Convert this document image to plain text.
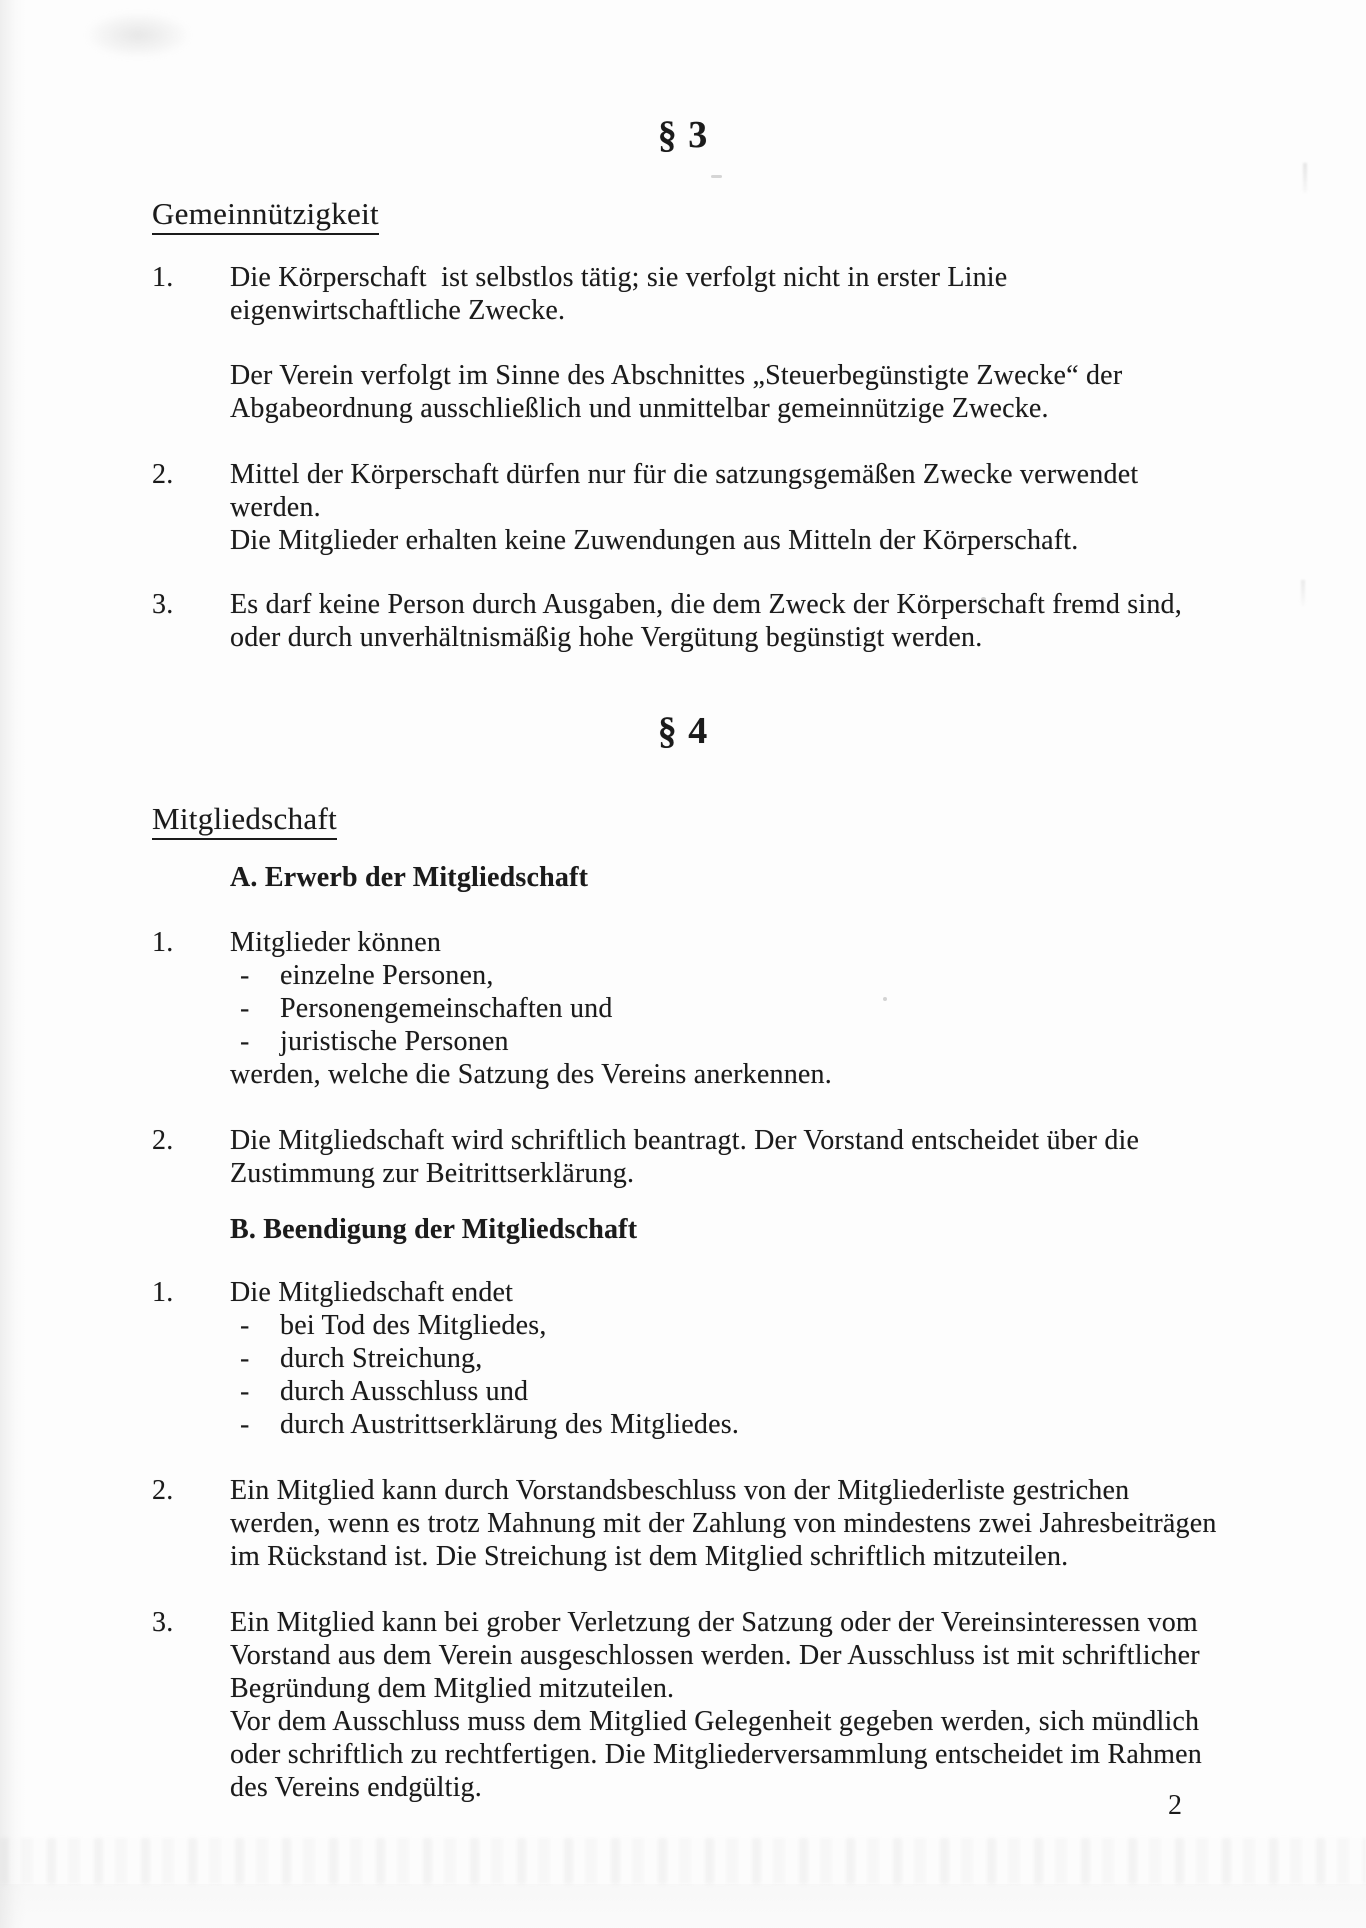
§ 3
Gemeinnützigkeit
1.	Die Körperschaft  ist selbstlos tätig; sie verfolgt nicht in erster Linie
eigenwirtschaftliche Zwecke.
Der Verein verfolgt im Sinne des Abschnittes „Steuerbegünstigte Zwecke“ der
Abgabeordnung ausschließlich und unmittelbar gemeinnützige Zwecke.
2.	Mittel der Körperschaft dürfen nur für die satzungsgemäßen Zwecke verwendet
werden.
Die Mitglieder erhalten keine Zuwendungen aus Mitteln der Körperschaft.
3.	Es darf keine Person durch Ausgaben, die dem Zweck der Körperschaft fremd sind,
oder durch unverhältnismäßig hohe Vergütung begünstigt werden.
§ 4
Mitgliedschaft
A. Erwerb der Mitgliedschaft
1.	Mitglieder können
-	einzelne Personen,
-	Personengemeinschaften und
-	juristische Personen
werden, welche die Satzung des Vereins anerkennen.
2.	Die Mitgliedschaft wird schriftlich beantragt. Der Vorstand entscheidet über die
Zustimmung zur Beitrittserklärung.
B. Beendigung der Mitgliedschaft
1.	Die Mitgliedschaft endet
-	bei Tod des Mitgliedes,
-	durch Streichung,
-	durch Ausschluss und
-	durch Austrittserklärung des Mitgliedes.
2.	Ein Mitglied kann durch Vorstandsbeschluss von der Mitgliederliste gestrichen
werden, wenn es trotz Mahnung mit der Zahlung von mindestens zwei Jahresbeiträgen
im Rückstand ist. Die Streichung ist dem Mitglied schriftlich mitzuteilen.
3.	Ein Mitglied kann bei grober Verletzung der Satzung oder der Vereinsinteressen vom
Vorstand aus dem Verein ausgeschlossen werden. Der Ausschluss ist mit schriftlicher
Begründung dem Mitglied mitzuteilen.
Vor dem Ausschluss muss dem Mitglied Gelegenheit gegeben werden, sich mündlich
oder schriftlich zu rechtfertigen. Die Mitgliederversammlung entscheidet im Rahmen
des Vereins endgültig.
2
